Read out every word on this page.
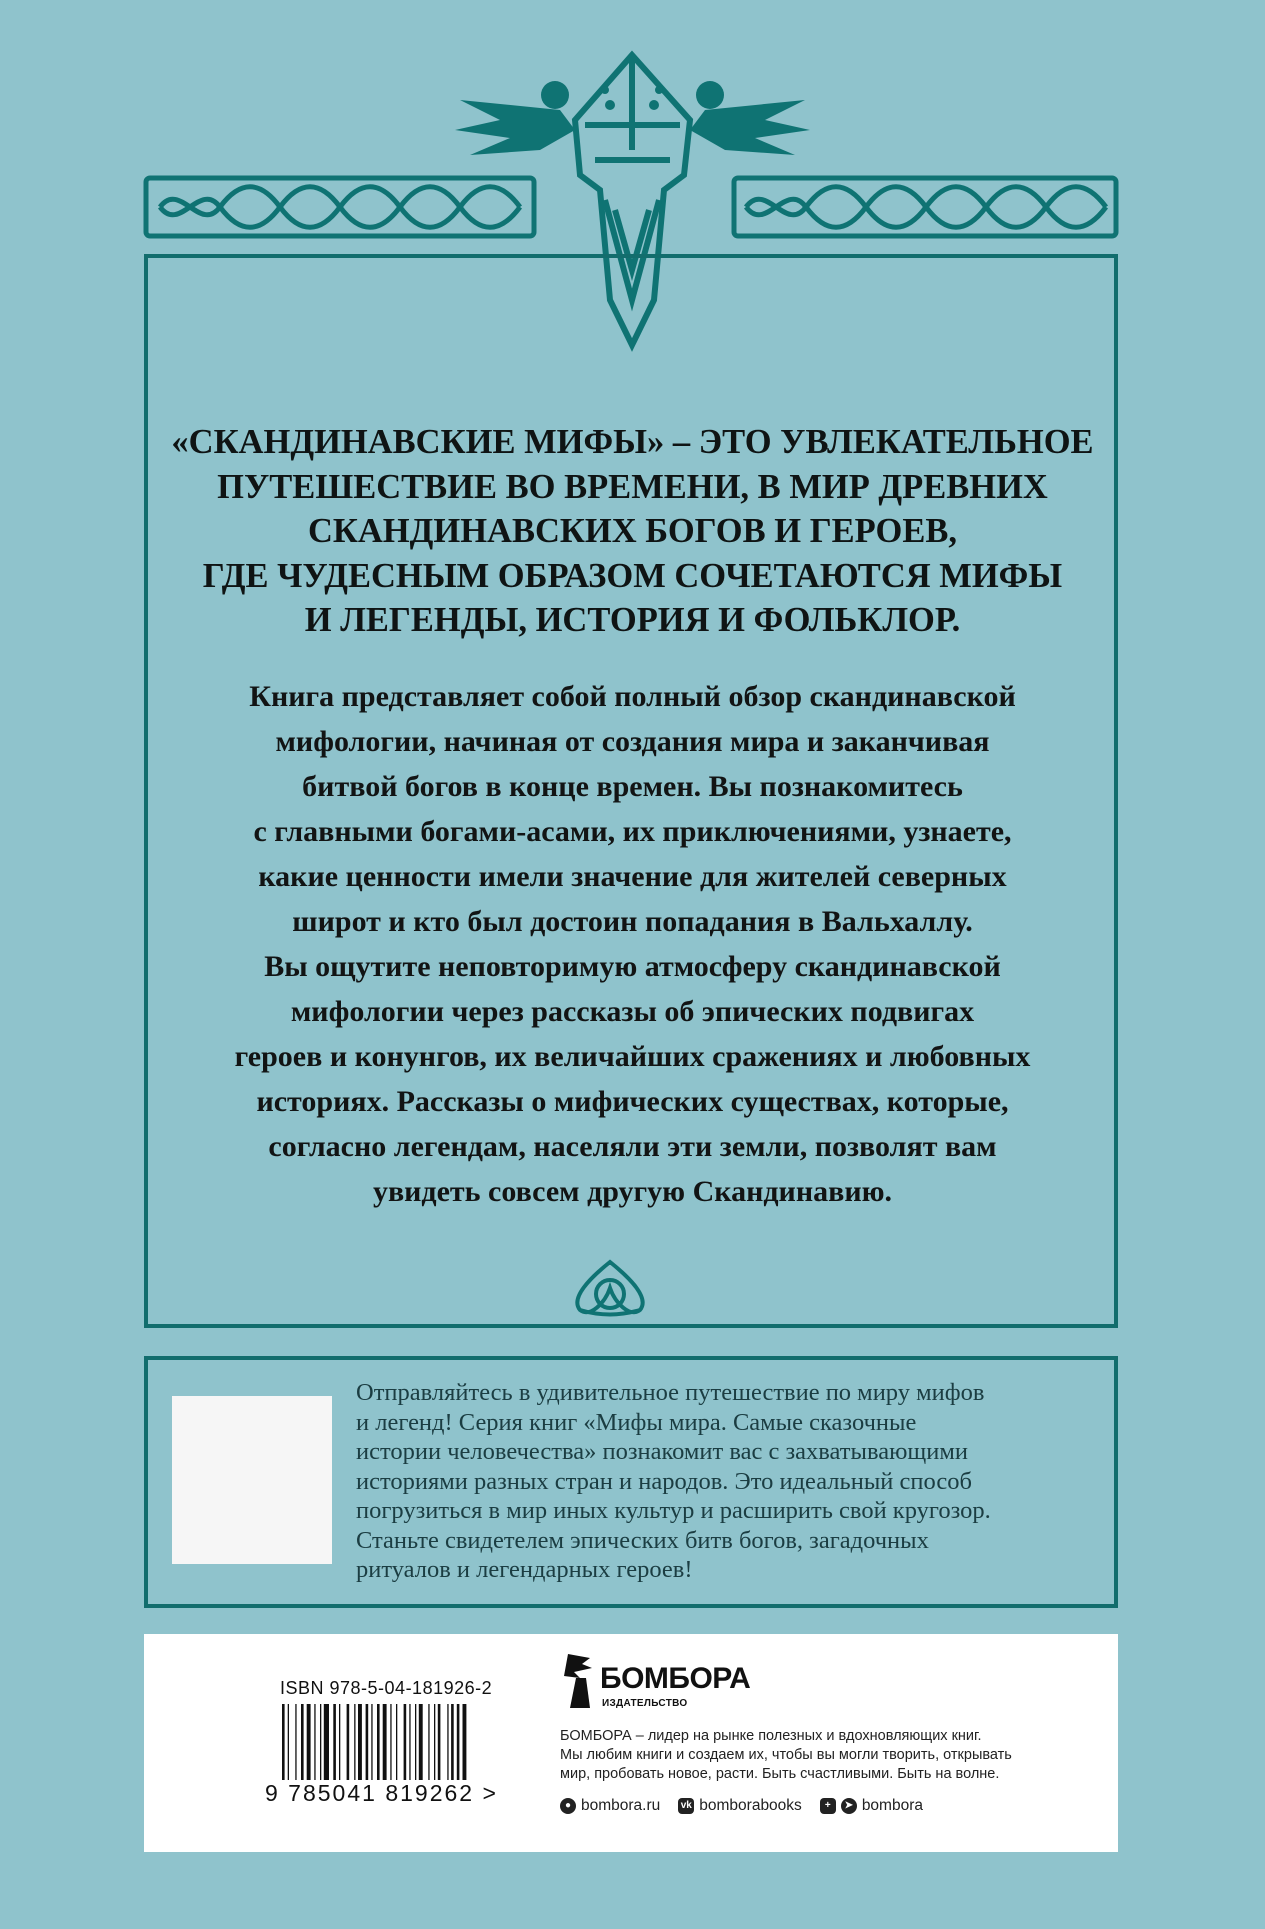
«СКАНДИНАВСКИЕ МИФЫ» – ЭТО УВЛЕКАТЕЛЬНОЕ
ПУТЕШЕСТВИЕ ВО ВРЕМЕНИ, В МИР ДРЕВНИХ
СКАНДИНАВСКИХ БОГОВ И ГЕРОЕВ,
ГДЕ ЧУДЕСНЫМ ОБРАЗОМ СОЧЕТАЮТСЯ МИФЫ
И ЛЕГЕНДЫ, ИСТОРИЯ И ФОЛЬКЛОР.
Книга представляет собой полный обзор скандинавской
мифологии, начиная от создания мира и заканчивая
битвой богов в конце времен. Вы познакомитесь
с главными богами-асами, их приключениями, узнаете,
какие ценности имели значение для жителей северных
широт и кто был достоин попадания в Вальхаллу.
Вы ощутите неповторимую атмосферу скандинавской
мифологии через рассказы об эпических подвигах
героев и конунгов, их величайших сражениях и любовных
историях. Рассказы о мифических существах, которые,
согласно легендам, населяли эти земли, позволят вам
увидеть совсем другую Скандинавию.
Отправляйтесь в удивительное путешествие по миру мифов
и легенд! Серия книг «Мифы мира. Самые сказочные
истории человечества» познакомит вас с захватывающими
историями разных стран и народов. Это идеальный способ
погрузиться в мир иных культур и расширить свой кругозор.
Станьте свидетелем эпических битв богов, загадочных
ритуалов и легендарных героев!
ISBN 978-5-04-181926-2
9 785041 819262 >
БОМБОРА
ИЗДАТЕЛЬСТВО
БОМБОРА – лидер на рынке полезных и вдохновляющих книг.
Мы любим книги и создаем их, чтобы вы могли творить, открывать
мир, пробовать новое, расти. Быть счастливыми. Быть на волне.
● bombora.ru vk bomborabooks	+	➤ bombora
